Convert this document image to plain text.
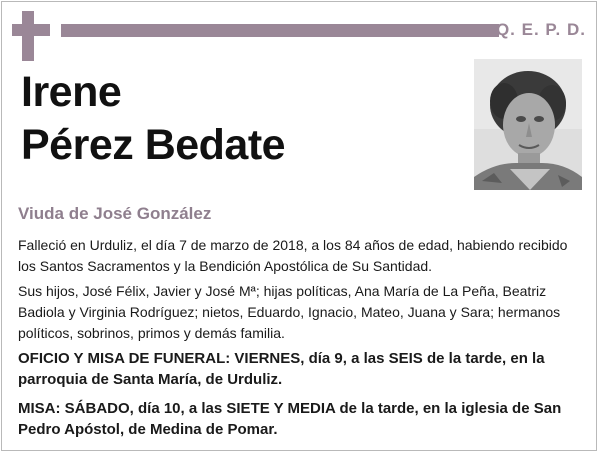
Q. E. P. D.
Irene
Pérez Bedate
Viuda de José González

Falleció en Urduliz, el día 7 de marzo de 2018, a los 84 años de edad, habiendo recibido los Santos Sacramentos y la Bendición Apostólica de Su Santidad.

Sus hijos, José Félix, Javier y José Mª; hijas políticas, Ana María de La Peña, Beatriz Badiola y Virginia Rodríguez; nietos, Eduardo, Ignacio, Mateo, Juana y Sara; hermanos políticos, sobrinos, primos y demás familia.

OFICIO Y MISA DE FUNERAL: VIERNES, día 9, a las SEIS de la tarde, en la parroquia de Santa María, de Urduliz.

MISA: SÁBADO, día 10, a las SIETE Y MEDIA de la tarde, en la iglesia de San Pedro Apóstol, de Medina de Pomar.
